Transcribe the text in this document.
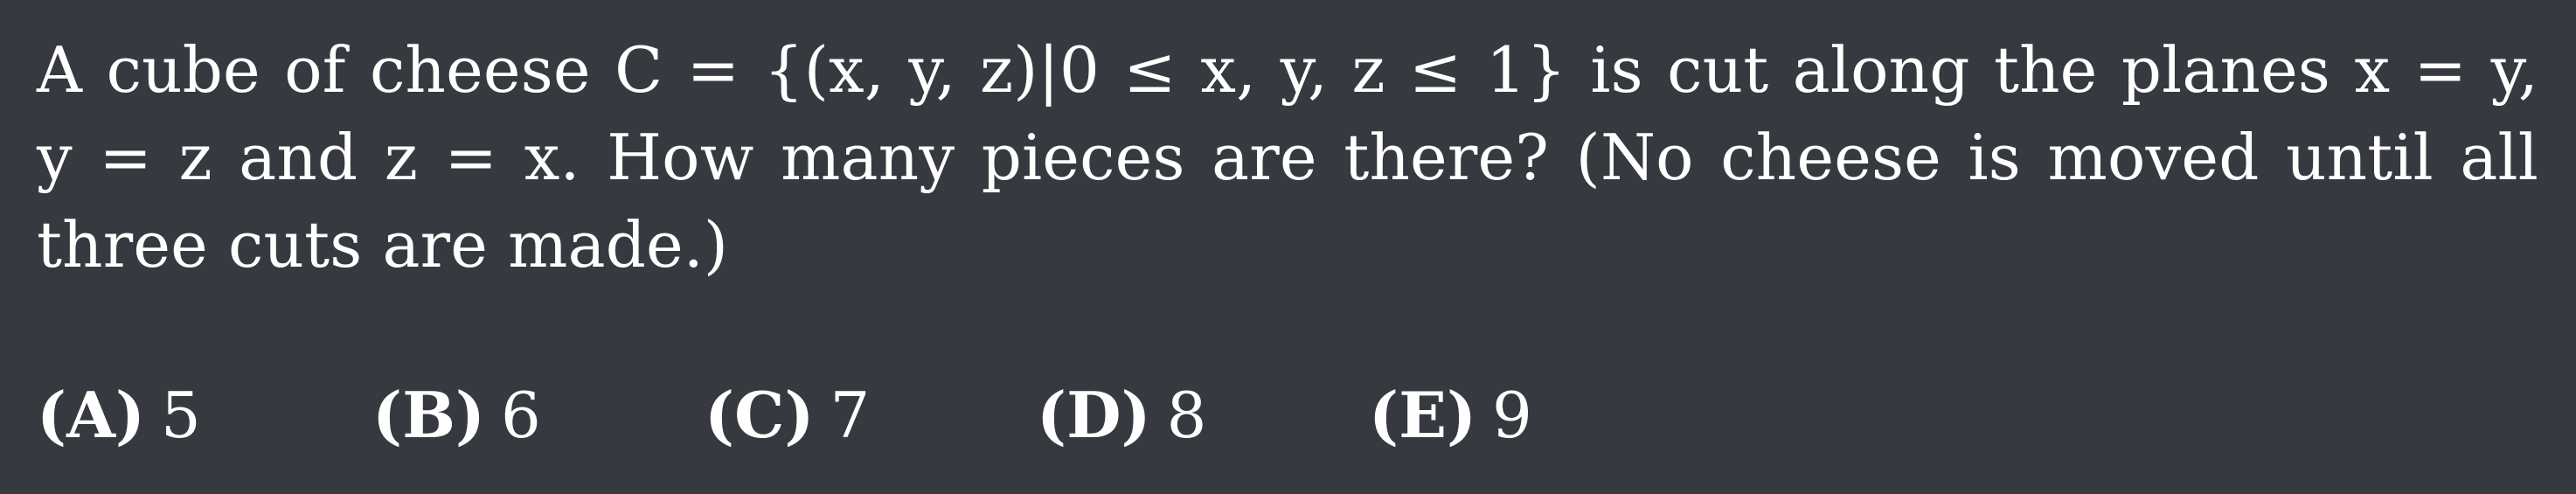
A cube of cheese C = {(x, y, z)|0 ≤ x, y, z ≤ 1} is cut along the planes x = y,
y = z and z = x. How many pieces are there? (No cheese is moved until all
three cuts are made.)
(A) 5	(B) 6	(C) 7	(D) 8	(E) 9
